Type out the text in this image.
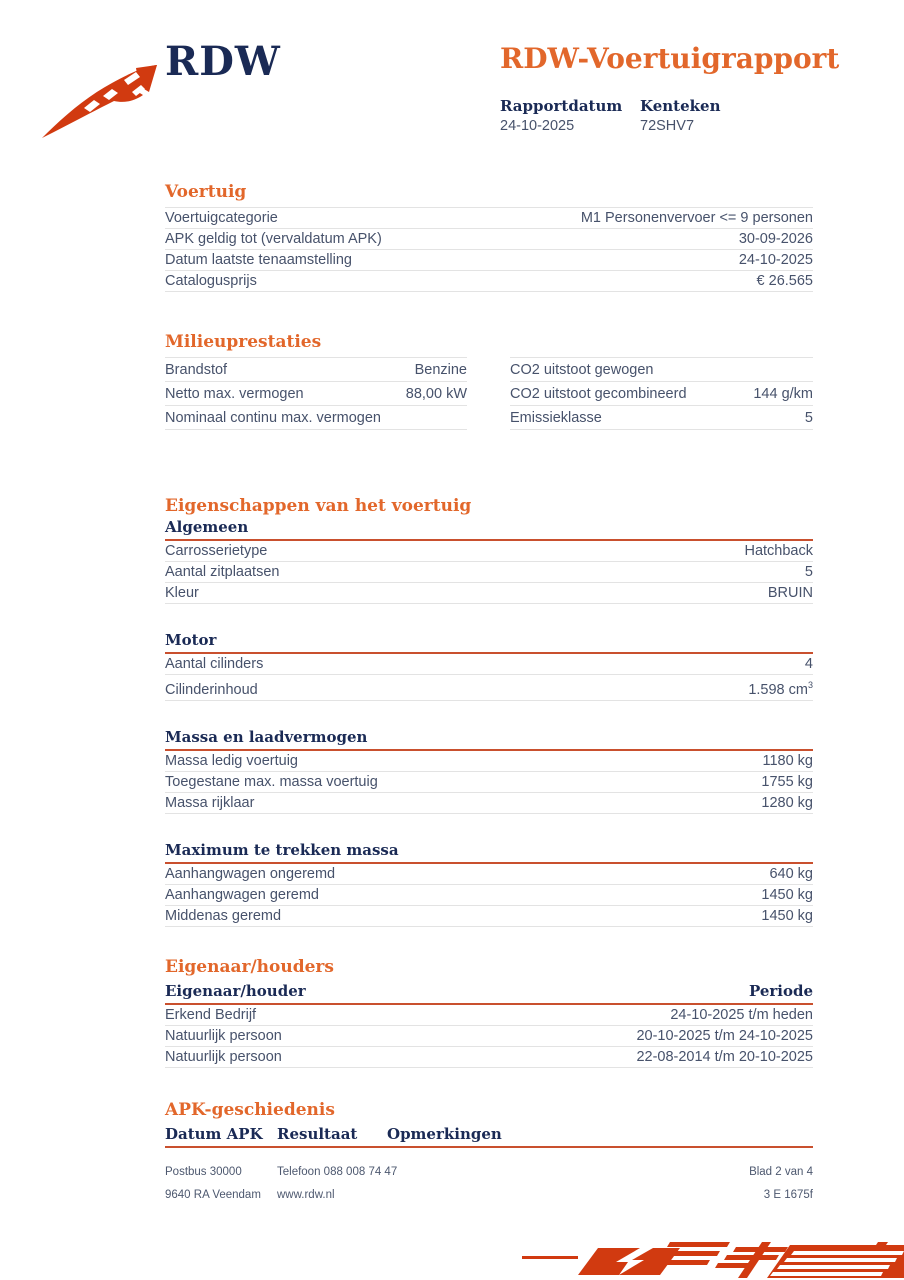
RDW	RDW-Voertuigrapport
Rapportdatum
24-10-2025
Kenteken
72SHV7
Voertuig
Voertuigcategorie	M1 Personenvervoer <= 9 personen
APK geldig tot (vervaldatum APK)	30-09-2026
Datum laatste tenaamstelling	24-10-2025
Catalogusprijs	€ 26.565
Milieuprestaties
Brandstof	Benzine
Netto max. vermogen	88,00 kW
Nominaal continu max. vermogen
CO2 uitstoot gewogen
CO2 uitstoot gecombineerd	144 g/km
Emissieklasse	5
Eigenschappen van het voertuig
Algemeen
Carrosserietype	Hatchback
Aantal zitplaatsen	5
Kleur	BRUIN
Motor
Aantal cilinders	4
Cilinderinhoud	1.598 $cm^3$
Massa en laadvermogen
Massa ledig voertuig	1180 kg
Toegestane max. massa voertuig	1755 kg
Massa rijklaar	1280 kg
Maximum te trekken massa
Aanhangwagen ongeremd	640 kg
Aanhangwagen geremd	1450 kg
Middenas geremd	1450 kg
Eigenaar/houders
Eigenaar/houder	Periode
Erkend Bedrijf	24-10-2025 t/m heden
Natuurlijk persoon	20-10-2025 t/m 24-10-2025
Natuurlijk persoon	22-08-2014 t/m 20-10-2025
APK-geschiedenis
Datum APK Resultaat	Opmerkingen
Postbus 30000	Telefoon 088 008 74 47	Blad 2 van 4
9640 RA Veendam	www.rdw.nl	3 E 1675f
